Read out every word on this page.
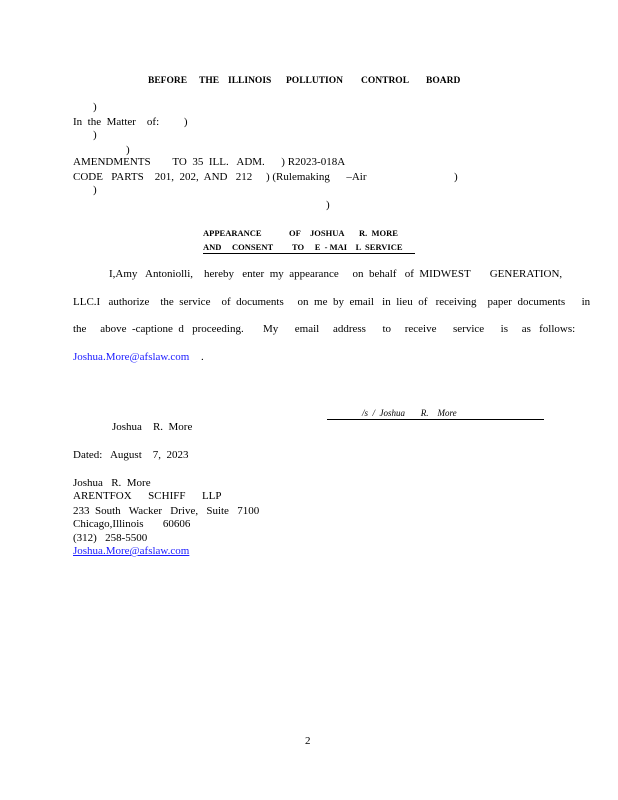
BEFORE THE ILLINOIS POLLUTION CONTROL BOARD
)
In  the  Matter    of:         )
)
)
AMENDMENTS        TO  35  ILL.   ADM.      ) R2023-018A
CODE   PARTS    201,  202,  AND   212     ) (Rulemaking      –Air	)
)
)
APPEARANCE	OF JOSHUA R.  MORE
AND     CONSENT TO     E  - MAI    L  SERVICE
I,Amy   Antoniolli,    hereby   enter  my  appearance     on  behalf   of  MIDWEST       GENERATION,
LLC.I   authorize    the  service    of  documents     on  me  by  email   in  lieu  of   receiving    paper  documents      in
the     above  -captione  d   proceeding.       My      email     address      to     receive      service      is     as   follows:
Joshua.More@afslaw.com .
/s  /  Joshua       R.    More
Joshua    R.  More
Dated:   August    7,  2023
Joshua   R.  More
ARENTFOX      SCHIFF      LLP
233  South   Wacker   Drive,   Suite   7100
Chicago,Illinois       60606
(312)   258-5500
Joshua.More@afslaw.com
2
